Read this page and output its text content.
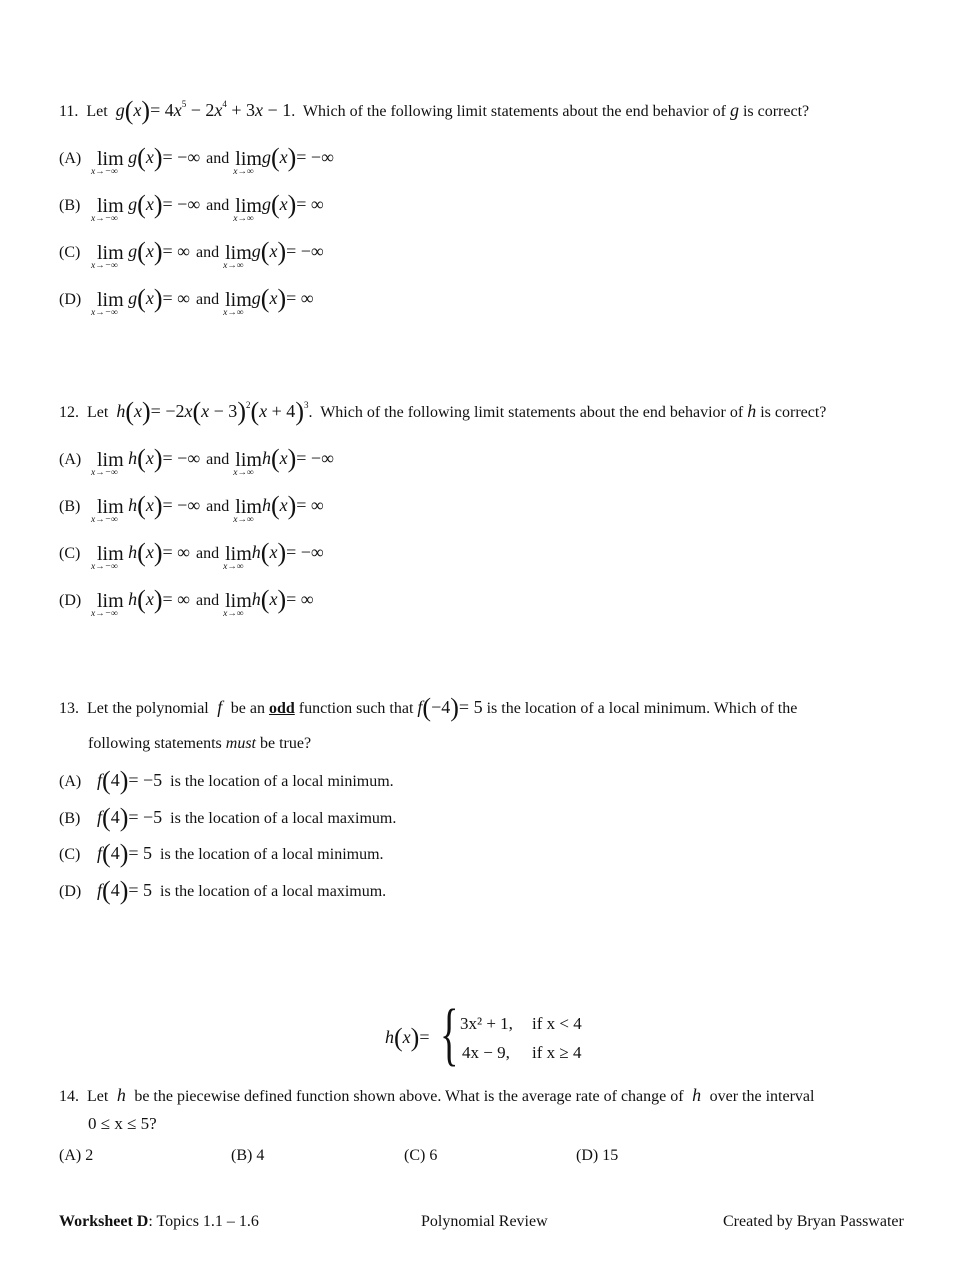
11. Let $g(x)= 4x^5 - 2x^4 + 3x - 1$.  Which of the following limit statements about the end behavior of g is correct?
(A) lim
x→−∞
g(x)= −∞ and lim
x→∞
g(x)= −∞
(B) lim
x→−∞
g(x)= −∞ and lim
x→∞
g(x)= ∞
(C) lim
x→−∞
g(x)= ∞ and lim
x→∞
g(x)= −∞
(D) lim
x→−∞
g(x)= ∞ and lim
x→∞
g(x)= ∞
12. Let $h(x)= -2x(x - 3)^2(x + 4)^3$.  Which of the following limit statements about the end behavior of h is correct?
(A) lim
x→−∞
h(x)= −∞ and lim
x→∞
h(x)= −∞
(B) lim
x→−∞
h(x)= −∞ and lim
x→∞
h(x)= ∞
(C) lim
x→−∞
h(x)= ∞ and lim
x→∞
h(x)= −∞
(D) lim
x→−∞
h(x)= ∞ and lim
x→∞
h(x)= ∞
13. Let the polynomial  f  be an odd function such that f(−4)= 5 is the location of a local minimum. Which of the
following statements must be true?
(A) f(4)= −5 is the location of a local minimum.
(B) f(4)= −5 is the location of a local maximum.
(C) f(4)= 5 is the location of a local minimum.
(D) f(4)= 5 is the location of a local maximum.
h(x)= { 3x² + 1, if x < 4
4x − 9, if x ≥ 4
14. Let  h  be the piecewise defined function shown above. What is the average rate of change of  h  over the interval
0 ≤ x ≤ 5?
(A) 2	(B) 4	(C) 6	(D) 15
Worksheet D: Topics 1.1 – 1.6	Polynomial Review	Created by Bryan Passwater
